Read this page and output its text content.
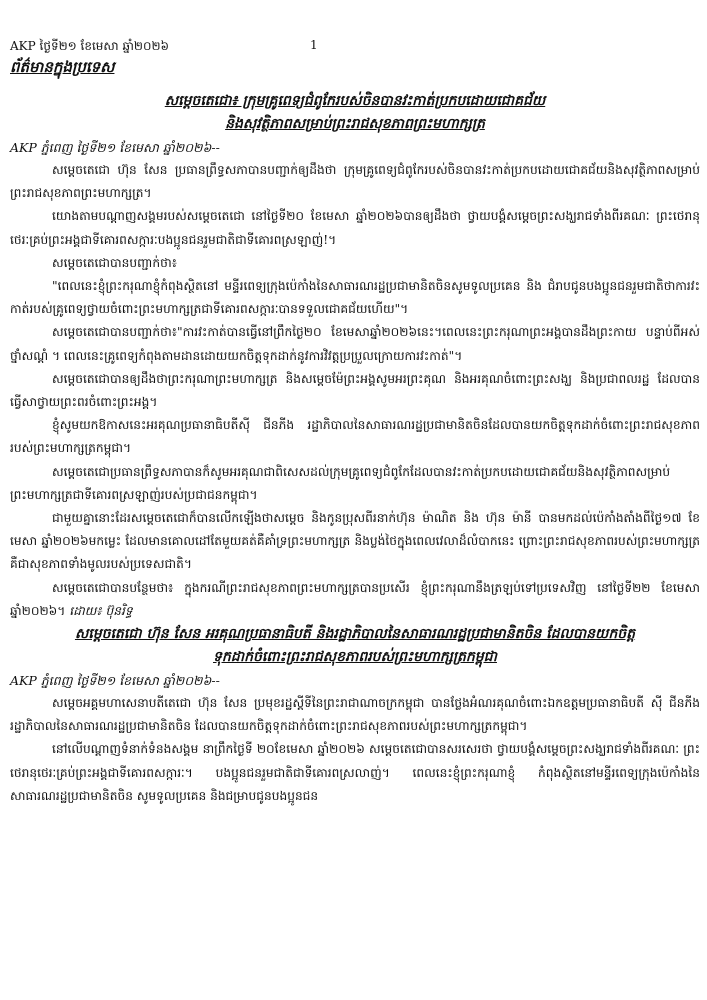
AKP ថ្ងៃទី២១ ខែមេសា ឆ្នាំ២០២៦	1
ព័ត៌មានក្នុងប្រទេស
សម្តេចតេជោ៖ ក្រុមគ្រូពេទ្យជំពូកែរបស់ចិនបានវះកាត់ប្រកបដោយជោគជ័យ
និងសុវត្ថិភាពសម្រាប់ព្រះរាជសុខភាពព្រះមហាក្សត្រ
AKP ភ្នំពេញ ថ្ងៃទី២១ ខែមេសា ឆ្នាំ២០២៦--

សម្តេចតេជោ ហ៊ុន សែន ប្រធានព្រឹទ្ធសភាបានបញ្ជាក់ឲ្យដឹងថា ក្រុមគ្រូពេទ្យជំពូកែរបស់ចិនបានវះកាត់ប្រកបដោយជោគជ័យនិងសុវត្ថិភាពសម្រាប់ព្រះរាជសុខភាពព្រះមហាក្សត្រ។

យោងតាមបណ្តាញសង្គមរបស់សម្តេចតេជោ នៅថ្ងៃទី២០ ខែមេសា ឆ្នាំ២០២៦បានឲ្យដឹងថា ថ្វាយបង្គំសម្តេចព្រះសង្ឃរាជទាំងពីរគណៈ ព្រះថេរានុថេរៈគ្រប់ព្រះអង្គជាទីគោរពសក្ការៈបងប្អូនជនរួមជាតិជាទីគោរពស្រឡាញ់!។

សម្តេចតេជោបានបញ្ជាក់ថា៖

"ពេលនេះខ្ញុំព្រះករុណាខ្ញុំកំពុងស្ថិតនៅ មន្ទីរពេទ្យក្រុងប៉េកាំងនៃសាធារណរដ្ឋប្រជាមានិតចិនសូមទូលប្រគេន និង ជំរាបជូនបងប្អូនជនរួមជាតិថាការវះកាត់របស់គ្រូពេទ្យថ្វាយចំពោះព្រះមហាក្សត្រជាទីគោរពសក្ការៈបានទទួលជោគជ័យហើយ"។

សម្តេចតេជោបានបញ្ជាក់ថា៖"ការវះកាត់បានធ្វើនៅព្រឹកថ្ងៃ២០ ខែមេសាឆ្នាំ២០២៦នេះ។ពេលនេះព្រះករុណាព្រះអង្គបានដឹងព្រះកាយ បន្ទាប់ពីអស់ថ្នាំសណ្តំ ។ ពេលនេះគ្រូពេទ្យកំពុងតាមដានដោយយកចិត្តទុកដាក់នូវការវិវត្តប្រប្រួលក្រោយការវះកាត់"។

សម្តេចតេជោបានឲ្យដឹងថាព្រះករុណាព្រះមហាក្សត្រ និងសម្តេចម៉ែព្រះអង្គសូមអរព្រះគុណ និងអរគុណចំពោះព្រះសង្ឃ និងប្រជាពលរដ្ឋ ដែលបានធ្វើសាថ្វាយព្រះពរចំពោះព្រះអង្គ។

ខ្ញុំសូមយកឱកាសនេះអរគុណប្រធានាធិបតីស៊ី ជីនភីង រដ្ឋាភិបាលនៃសាធារណរដ្ឋប្រជាមានិតចិនដែលបានយកចិត្តទុកដាក់ចំពោះព្រះរាជសុខភាពរបស់ព្រះមហាក្សត្រកម្ពុជា។

សម្តេចតេជោប្រធានព្រឹទ្ធសភាបានក៏សូមអរគុណជាពិសេសដល់ក្រុមគ្រូពេទ្យជំពូកែដែលបានវះកាត់ប្រកបដោយជោគជ័យនិងសុវត្ថិភាពសម្រាប់ព្រះមហាក្សត្រជាទីគោរពស្រឡាញ់របស់ប្រជាជនកម្ពុជា។

ជាមួយគ្នានោះដែរសម្តេចតេជោក៏បានលើកឡើងថាសម្តេច និងកូនប្រុសពីរនាក់ហ៊ុន ម៉ាណិត និង ហ៊ុន ម៉ានី បានមកដល់ប៉េកាំងតាំងពីថ្ងៃ១៧ ខែមេសា ឆ្នាំ២០២៦មកម្លេះ ដែលមានគោលដៅតែមួយគត់គឺគាំទ្រព្រះមហាក្សត្រ និងប្លង់ថៃក្នុងពេលវេលាដ៏លំបាកនេះ ព្រោះព្រះរាជសុខភាពរបស់ព្រះមហាក្សត្រគឺជាសុខភាពទាំងមូលរបស់ប្រទេសជាតិ។

សម្តេចតេជោបានបន្ថែមថា៖ ក្នុងករណីព្រះរាជសុខភាពព្រះមហាក្សត្របានប្រសើរ ខ្ញុំព្រះករុណានឹងត្រឡប់ទៅប្រទេសវិញ នៅថ្ងៃទី២២ ខែមេសា ឆ្នាំ២០២៦។ ដោយ៖ ប៊ុនរិទ្ធ

សម្តេចតេជោ ហ៊ុន សែន អរគុណប្រធានាធិបតី និងរដ្ឋាភិបាលនៃសាធារណរដ្ឋប្រជាមានិតចិន ដែលបានយកចិត្ត
ទុកដាក់ចំពោះព្រះរាជសុខភាពរបស់ព្រះមហាក្សត្រកម្ពុជា
AKP ភ្នំពេញ ថ្ងៃទី២១ ខែមេសា ឆ្នាំ២០២៦--

សម្តេចអគ្គមហាសេនាបតីតេជោ ហ៊ុន សែន ប្រមុខរដ្ឋស្តីទីនៃព្រះរាជាណាចក្រកម្ពុជា បានថ្លែងអំណរគុណចំពោះឯកឧត្តមប្រធានាធិបតី ស៊ី ជីនភីង រដ្ឋាភិបាលនៃសាធារណរដ្ឋប្រជាមានិតចិន ដែលបានយកចិត្តទុកដាក់ចំពោះព្រះរាជសុខភាពរបស់ព្រះមហាក្សត្រកម្ពុជា។

នៅលើបណ្តាញទំនាក់ទំនងសង្គម នាព្រឹកថ្ងៃទី ២០ខែមេសា ឆ្នាំ២០២៦ សម្តេចតេជោបានសរសេរថា ថ្វាយបង្គំសម្តេចព្រះសង្ឃរាជទាំងពីរគណៈ ព្រះថេរានុថេរៈគ្រប់ព្រះអង្គជាទីគោរពសក្ការៈ។ បងប្អូនជនរួមជាតិជាទីគោរពស្រលាញ់។ ពេលនេះខ្ញុំព្រះករុណាខ្ញុំ កំពុងស្ថិតនៅមន្ទីរពេទ្យក្រុងប៉េកាំងនៃសាធារណរដ្ឋប្រជាមានិតចិន សូមទូលប្រគេន និងជម្រាបជូនបងប្អូនជន
